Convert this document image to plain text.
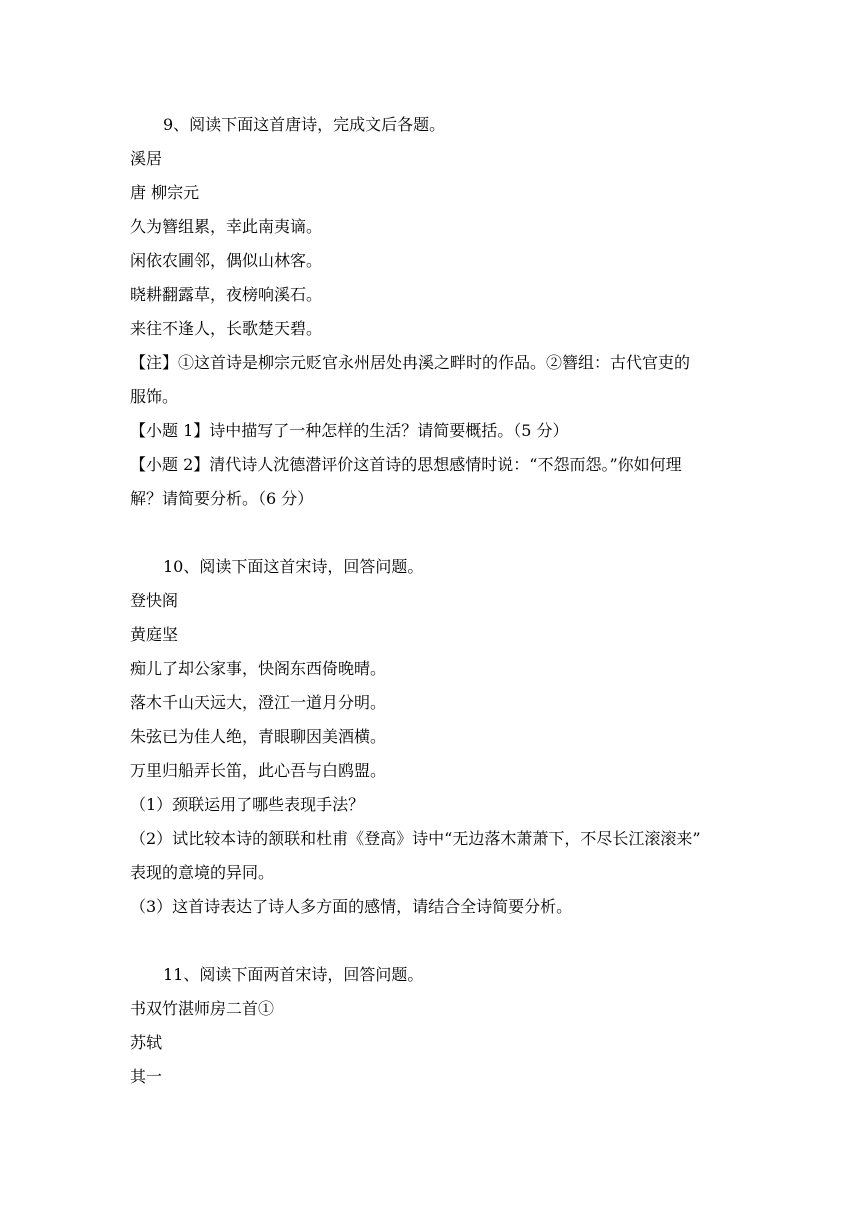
9、阅读下面这首唐诗，完成文后各题。

溪居

唐 柳宗元

久为簪组累，幸此南夷谪。

闲依农圃邻，偶似山林客。

晓耕翻露草，夜榜响溪石。

来往不逢人，长歌楚天碧。

【注】①这首诗是柳宗元贬官永州居处冉溪之畔时的作品。②簪组：古代官吏的

服饰。

【小题 1】诗中描写了一种怎样的生活？请简要概括。（5 分）

【小题 2】清代诗人沈德潜评价这首诗的思想感情时说：“不怨而怨。”你如何理

解？请简要分析。（6 分）

10、阅读下面这首宋诗，回答问题。

登快阁

黄庭坚

痴儿了却公家事，快阁东西倚晚晴。

落木千山天远大，澄江一道月分明。

朱弦已为佳人绝，青眼聊因美酒横。

万里归船弄长笛，此心吾与白鸥盟。

（1）颈联运用了哪些表现手法？

（2）试比较本诗的颔联和杜甫《登高》诗中“无边落木萧萧下，不尽长江滚滚来”

表现的意境的异同。

（3）这首诗表达了诗人多方面的感情，请结合全诗简要分析。

11、阅读下面两首宋诗，回答问题。

书双竹湛师房二首①

苏轼

其一
